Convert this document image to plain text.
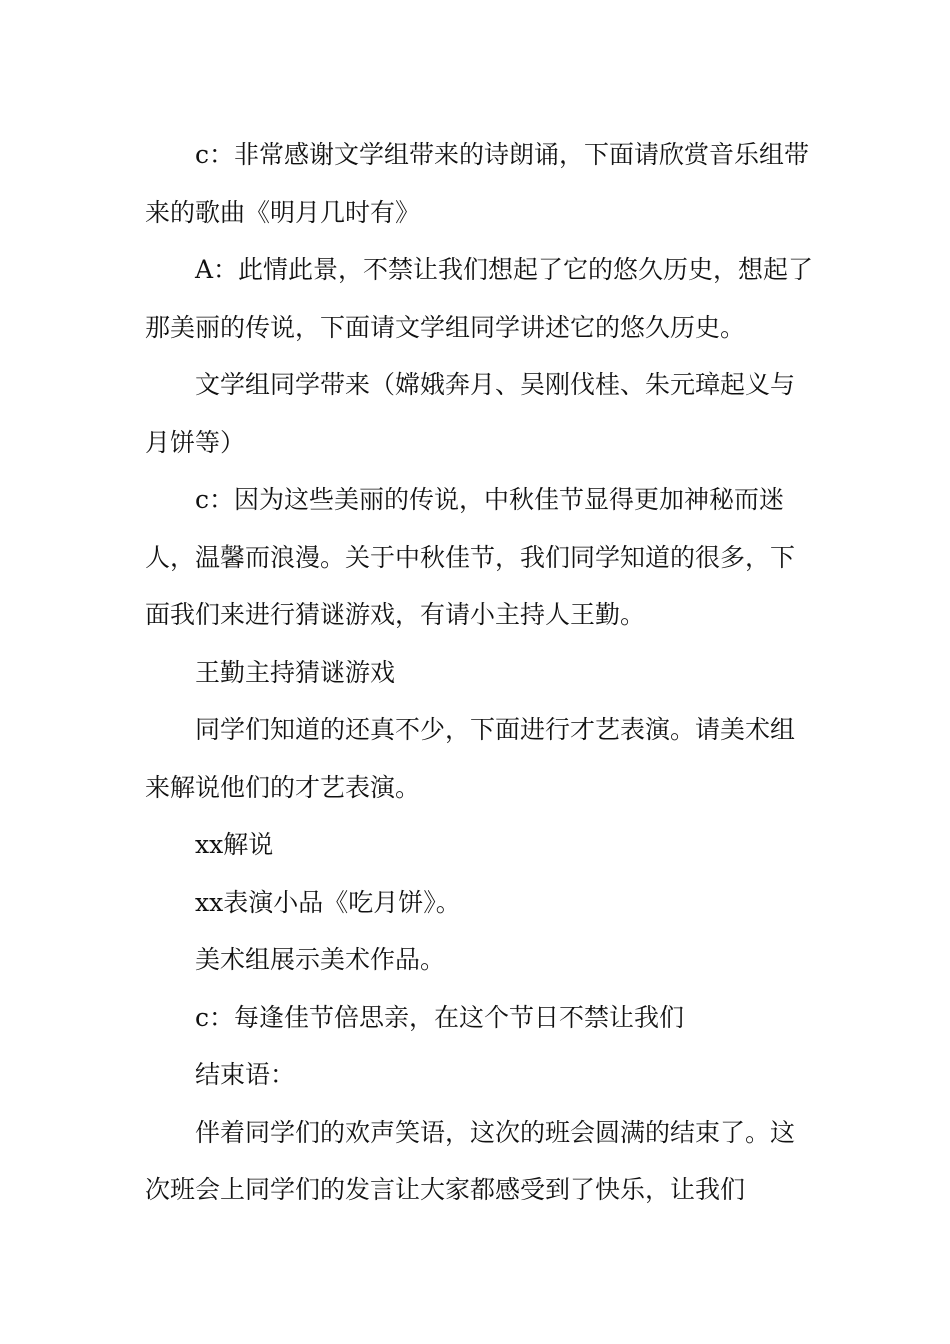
c：非常感谢文学组带来的诗朗诵，下面请欣赏音乐组带来的歌曲《明月几时有》

A：此情此景，不禁让我们想起了它的悠久历史，想起了那美丽的传说，下面请文学组同学讲述它的悠久历史。

文学组同学带来（嫦娥奔月、吴刚伐桂、朱元璋起义与月饼等）

c：因为这些美丽的传说，中秋佳节显得更加神秘而迷人，温馨而浪漫。关于中秋佳节，我们同学知道的很多，下面我们来进行猜谜游戏，有请小主持人王勤。

王勤主持猜谜游戏

同学们知道的还真不少，下面进行才艺表演。请美术组来解说他们的才艺表演。

xx解说

xx表演小品《吃月饼》。

美术组展示美术作品。

c：每逢佳节倍思亲，在这个节日不禁让我们

结束语：

伴着同学们的欢声笑语，这次的班会圆满的结束了。这次班会上同学们的发言让大家都感受到了快乐，让我们
